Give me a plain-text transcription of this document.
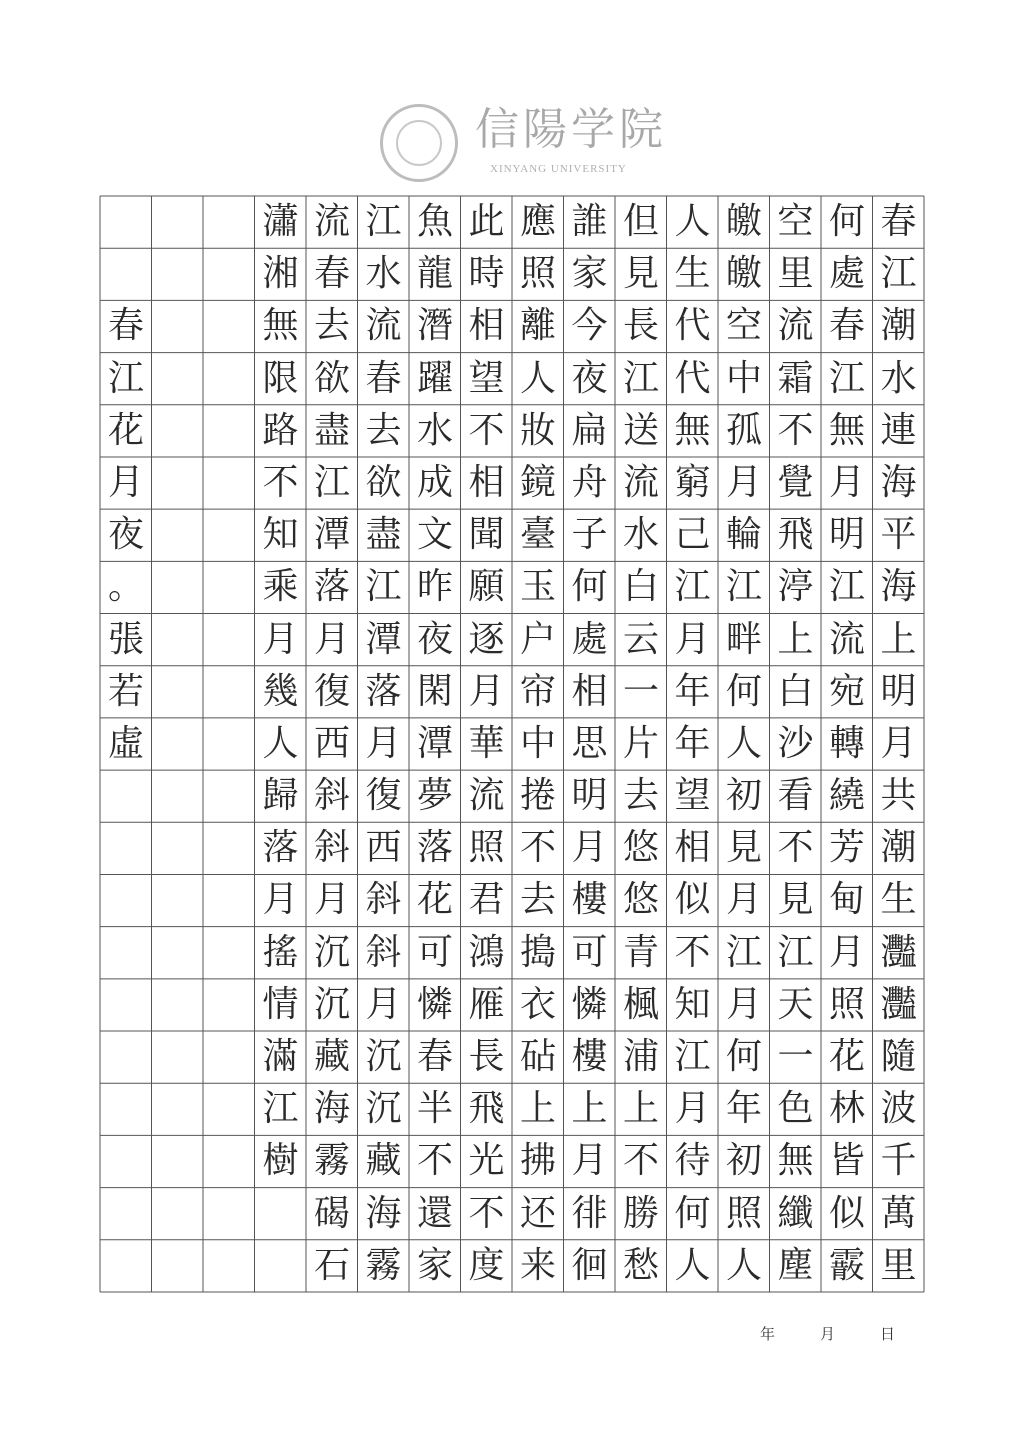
信陽学院
XINYANG UNIVERSITY
春
江
潮
水
連
海
平
海
上
明
月
共
潮
生
灩
灩
隨
波
千
萬
里
何
處
春
江
無
月
明
江
流
宛
轉
繞
芳
甸
月
照
花
林
皆
似
霰
空
里
流
霜
不
覺
飛
渟
上
白
沙
看
不
見
江
天
一
色
無
纖
塵
皦
皦
空
中
孤
月
輪
江
畔
何
人
初
見
月
江
月
何
年
初
照
人
人
生
代
代
無
窮
己
江
月
年
年
望
相
似
不
知
江
月
待
何
人
但
見
長
江
送
流
水
白
云
一
片
去
悠
悠
青
楓
浦
上
不
勝
愁
誰
家
今
夜
扁
舟
子
何
處
相
思
明
月
樓
可
憐
樓
上
月
徘
徊
應
照
離
人
妝
鏡
臺
玉
户
帘
中
捲
不
去
搗
衣
砧
上
拂
还
来
此
時
相
望
不
相
聞
願
逐
月
華
流
照
君
鴻
雁
長
飛
光
不
度
魚
龍
潛
躍
水
成
文
昨
夜
閑
潭
夢
落
花
可
憐
春
半
不
還
家
江
水
流
春
去
欲
盡
江
潭
落
月
復
西
斜
斜
月
沉
沉
藏
海
霧
流
春
去
欲
盡
江
潭
落
月
復
西
斜
斜
月
沉
沉
藏
海
霧
碣
石
瀟
湘
無
限
路
不
知
乘
月
幾
人
歸
落
月
搖
情
滿
江
樹
春
江
花
月
夜
。
張
若
虛
年	月	日
